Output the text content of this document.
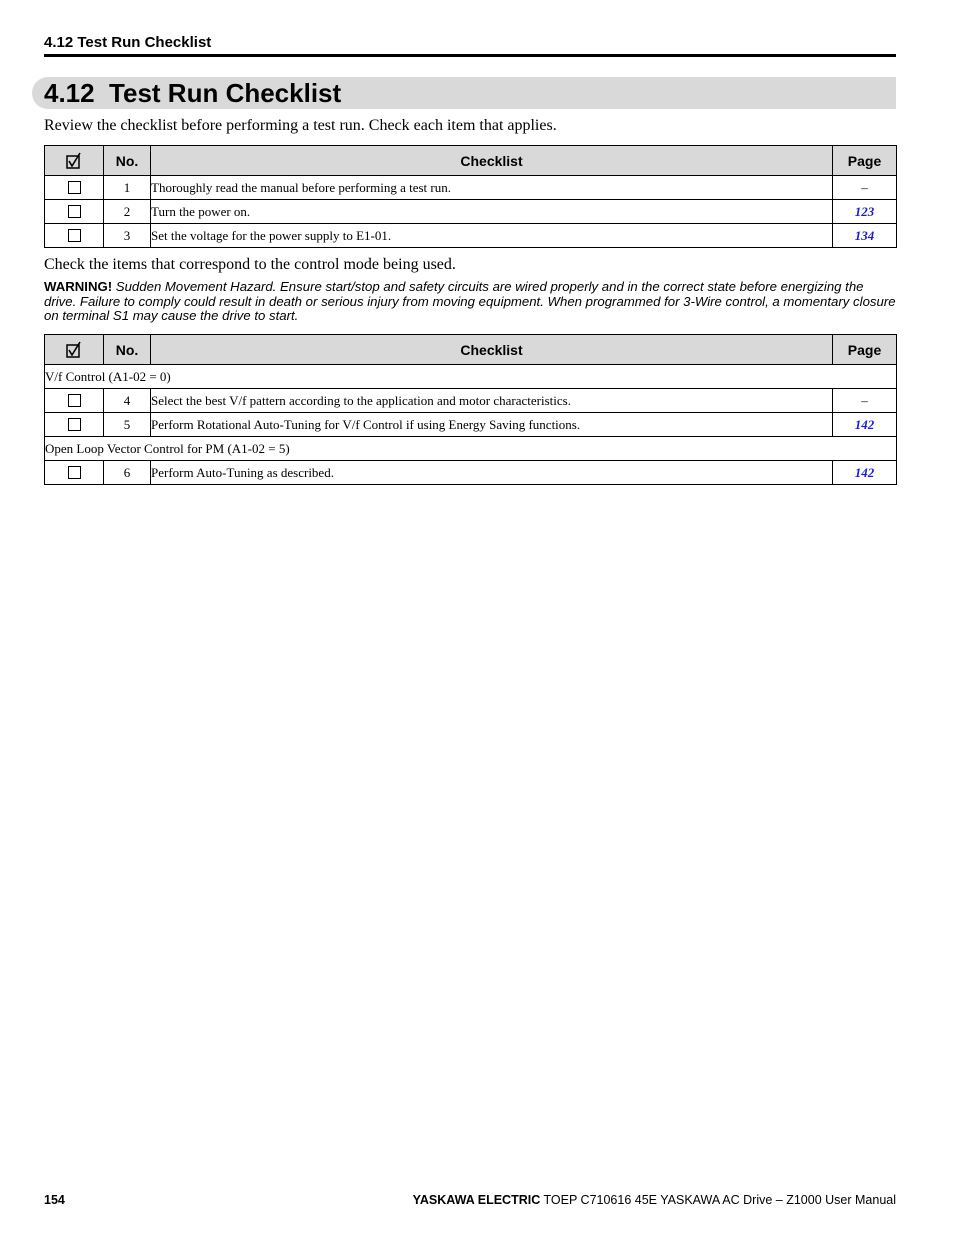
4.12 Test Run Checklist
4.12  Test Run Checklist
Review the checklist before performing a test run. Check each item that applies.
	No.	Checklist	Page
	1	Thoroughly read the manual before performing a test run.	–
	2	Turn the power on.	123
	3	Set the voltage for the power supply to E1-01.	134
Check the items that correspond to the control mode being used.
WARNING! Sudden Movement Hazard. Ensure start/stop and safety circuits are wired properly and in the correct state before energizing the drive. Failure to comply could result in death or serious injury from moving equipment. When programmed for 3-Wire control, a momentary closure on terminal S1 may cause the drive to start.
	No.	Checklist	Page
V/f Control (A1-02 = 0)			
	4	Select the best V/f pattern according to the application and motor characteristics.	–
	5	Perform Rotational Auto-Tuning for V/f Control if using Energy Saving functions.	142
Open Loop Vector Control for PM (A1-02 = 5)			
	6	Perform Auto-Tuning as described.	142
154	YASKAWA ELECTRIC TOEP C710616 45E YASKAWA AC Drive – Z1000 User Manual
